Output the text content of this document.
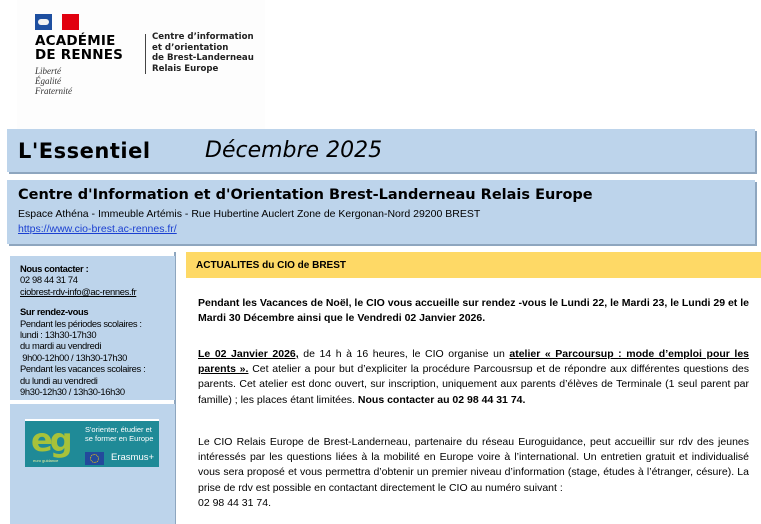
ACADÉMIE
DE RENNES
Liberté
Égalité
Fraternité
Centre d’information
et d’orientation
de Brest-Landerneau
Relais Europe
L'Essentiel Décembre 2025
Centre d'Information et d'Orientation Brest-Landerneau Relais Europe
Espace Athéna - Immeuble Artémis - Rue Hubertine Auclert Zone de Kergonan-Nord 29200 BREST
https://www.cio-brest.ac-rennes.fr/
Nous contacter :
02 98 44 31 74
ciobrest-rdv-info@ac-rennes.fr
Sur rendez-vous
Pendant les périodes scolaires :
lundi : 13h30-17h30
du mardi au vendredi
9h00-12h00 / 13h30-17h30
Pendant les vacances scolaires :
du lundi au vendredi
9h30-12h30 / 13h30-16h30
eg
euro guidance
S'orienter, étudier et
se former en Europe
Erasmus+
ACTUALITES du CIO de BREST

Pendant les Vacances de Noël, le CIO vous accueille sur rendez -vous le Lundi 22, le Mardi 23, le Lundi 29 et le Mardi 30 Décembre ainsi que le Vendredi 02 Janvier 2026.

Le 02 Janvier 2026, de 14 h à 16 heures, le CIO organise un atelier « Parcoursup : mode d’emploi pour les parents ». Cet atelier a pour but d’expliciter la procédure Parcousrsup et de répondre aux différentes questions des parents. Cet atelier est donc ouvert, sur inscription, uniquement aux parents d’élèves de Terminale (1 seul parent par famille) ; les places étant limitées. Nous contacter au 02 98 44 31 74.

Le CIO Relais Europe de Brest-Landerneau, partenaire du réseau Euroguidance, peut accueillir sur rdv des jeunes intéressés par les questions liées à la mobilité en Europe voire à l’international. Un entretien gratuit et individualisé vous sera proposé et vous permettra d’obtenir un premier niveau d’information (stage, études à l’étranger, césure). La prise de rdv est possible en contactant directement le CIO au numéro suivant :
02 98 44 31 74.
